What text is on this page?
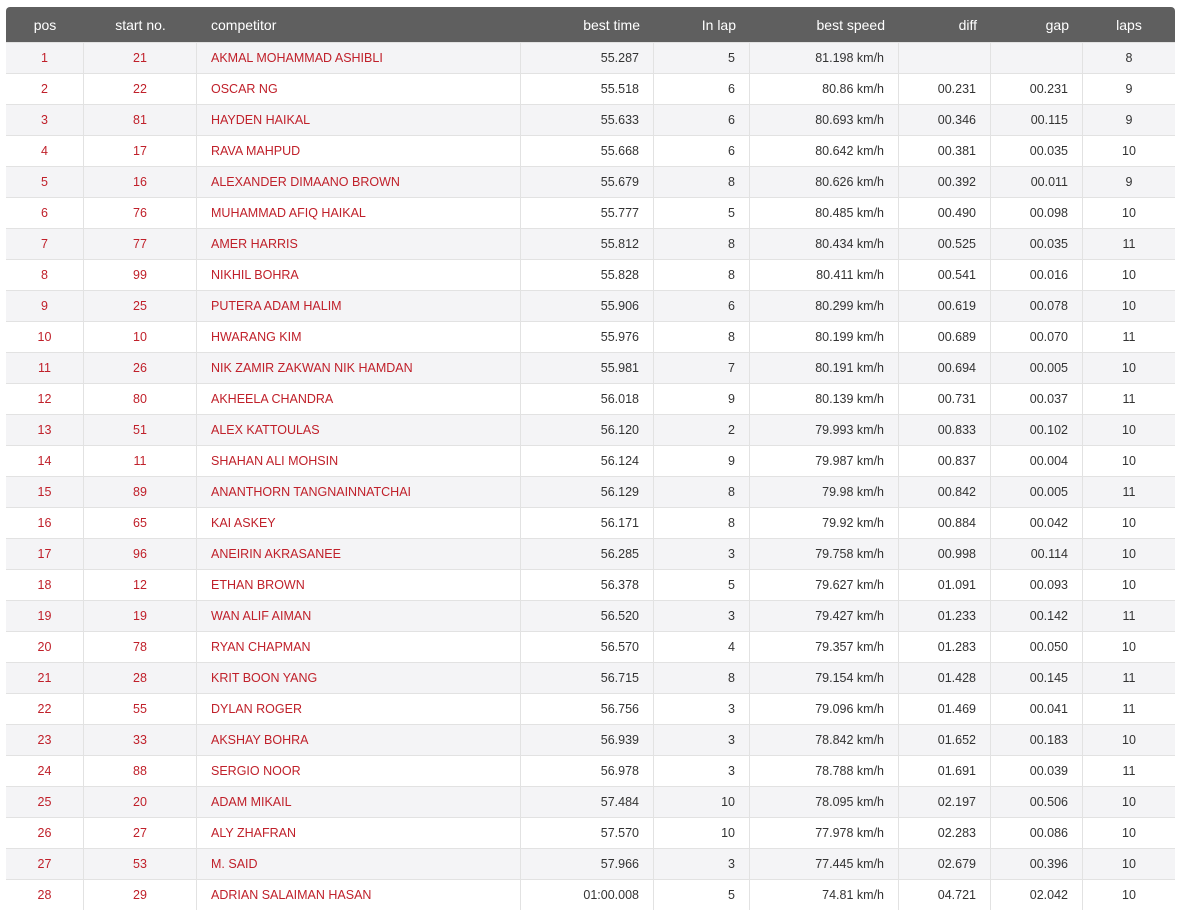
pos	start no.	competitor	best time	In lap	best speed	diff	gap	laps
1	21	AKMAL MOHAMMAD ASHIBLI	55.287	5	81.198 km/h			8
2	22	OSCAR NG	55.518	6	80.86 km/h	00.231	00.231	9
3	81	HAYDEN HAIKAL	55.633	6	80.693 km/h	00.346	00.115	9
4	17	RAVA MAHPUD	55.668	6	80.642 km/h	00.381	00.035	10
5	16	ALEXANDER DIMAANO BROWN	55.679	8	80.626 km/h	00.392	00.011	9
6	76	MUHAMMAD AFIQ HAIKAL	55.777	5	80.485 km/h	00.490	00.098	10
7	77	AMER HARRIS	55.812	8	80.434 km/h	00.525	00.035	11
8	99	NIKHIL BOHRA	55.828	8	80.411 km/h	00.541	00.016	10
9	25	PUTERA ADAM HALIM	55.906	6	80.299 km/h	00.619	00.078	10
10	10	HWARANG KIM	55.976	8	80.199 km/h	00.689	00.070	11
11	26	NIK ZAMIR ZAKWAN NIK HAMDAN	55.981	7	80.191 km/h	00.694	00.005	10
12	80	AKHEELA CHANDRA	56.018	9	80.139 km/h	00.731	00.037	11
13	51	ALEX KATTOULAS	56.120	2	79.993 km/h	00.833	00.102	10
14	11	SHAHAN ALI MOHSIN	56.124	9	79.987 km/h	00.837	00.004	10
15	89	ANANTHORN TANGNAINNATCHAI	56.129	8	79.98 km/h	00.842	00.005	11
16	65	KAI ASKEY	56.171	8	79.92 km/h	00.884	00.042	10
17	96	ANEIRIN AKRASANEE	56.285	3	79.758 km/h	00.998	00.114	10
18	12	ETHAN BROWN	56.378	5	79.627 km/h	01.091	00.093	10
19	19	WAN ALIF AIMAN	56.520	3	79.427 km/h	01.233	00.142	11
20	78	RYAN CHAPMAN	56.570	4	79.357 km/h	01.283	00.050	10
21	28	KRIT BOON YANG	56.715	8	79.154 km/h	01.428	00.145	11
22	55	DYLAN ROGER	56.756	3	79.096 km/h	01.469	00.041	11
23	33	AKSHAY BOHRA	56.939	3	78.842 km/h	01.652	00.183	10
24	88	SERGIO NOOR	56.978	3	78.788 km/h	01.691	00.039	11
25	20	ADAM MIKAIL	57.484	10	78.095 km/h	02.197	00.506	10
26	27	ALY ZHAFRAN	57.570	10	77.978 km/h	02.283	00.086	10
27	53	M. SAID	57.966	3	77.445 km/h	02.679	00.396	10
28	29	ADRIAN SALAIMAN HASAN	01:00.008	5	74.81 km/h	04.721	02.042	10
